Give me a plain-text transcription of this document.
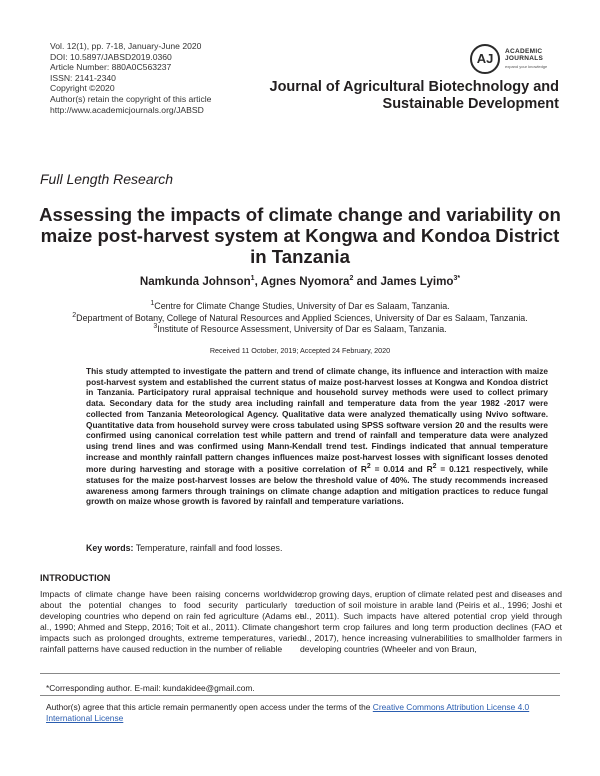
Vol. 12(1), pp. 7-18, January-June 2020
DOI: 10.5897/JABSD2019.0360
Article Number: 880A0C563237
ISSN: 2141-2340
Copyright ©2020
Author(s) retain the copyright of this article
http://www.academicjournals.org/JABSD
AJ	ACADEMIC
JOURNALS
expand your knowledge
Journal of Agricultural Biotechnology and
Sustainable Development
Full Length Research
Assessing the impacts of climate change and variability on maize post-harvest system at Kongwa and Kondoa District in Tanzania
Namkunda Johnson$^1$, Agnes Nyomora$^2$ and James Lyimo$^{3*}$
$^1$Centre for Climate Change Studies, University of Dar es Salaam, Tanzania.
$^2$Department of Botany, College of Natural Resources and Applied Sciences, University of Dar es Salaam, Tanzania.
$^3$Institute of Resource Assessment, University of Dar es Salaam, Tanzania.
Received 11 October, 2019; Accepted 24 February, 2020
This study attempted to investigate the pattern and trend of climate change, its influence and interaction with maize post-harvest system and established the current status of maize post-harvest losses at Kongwa and Kondoa district in Tanzania. Participatory rural appraisal technique and household survey methods were used to collect primary data. Secondary data for the study area including rainfall and temperature data from the year 1982 -2017 were collected from Tanzania Meteorological Agency. Qualitative data were analyzed thematically using Nvivo software. Quantitative data from household survey were cross tabulated using SPSS software version 20 and the results were confirmed using canonical correlation test while pattern and trend of rainfall and temperature data were analyzed using trend lines and was confirmed using Mann-Kendall trend test. Findings indicated that annual temperature increase and monthly rainfall pattern changes influences maize post-harvest losses with significant losses denoted more during harvesting and storage with a positive correlation of $R^2 = 0.014$ and $R^2 = 0.121$ respectively, while statuses for the maize post-harvest losses are below the threshold value of 40%. The study recommends increased awareness among farmers through trainings on climate change adaption and mitigation practices to reduce fungal growth on maize whose growth is favored by rainfall and temperature variations.
Key words: Temperature, rainfall and food losses.
INTRODUCTION
Impacts of climate change have been raising concerns worldwide about the potential changes to food security particularly to developing countries who depend on rain fed agriculture (Adams et al., 1990; Ahmed and Stepp, 2016; Toit et al., 2011). Climate change impacts such as prolonged droughts, extreme temperatures, varied rainfall patterns have caused reduction in the number of reliable
crop growing days, eruption of climate related pest and diseases and reduction of soil moisture in arable land (Peiris et al., 1996; Joshi et al., 2011). Such impacts have altered potential crop yield through short term crop failures and long term production declines (FAO et al., 2017), hence increasing vulnerabilities to smallholder farmers in developing countries (Wheeler and von Braun,
*Corresponding author. E-mail: kundakidee@gmail.com.
Author(s) agree that this article remain permanently open access under the terms of the Creative Commons Attribution License 4.0 International License
